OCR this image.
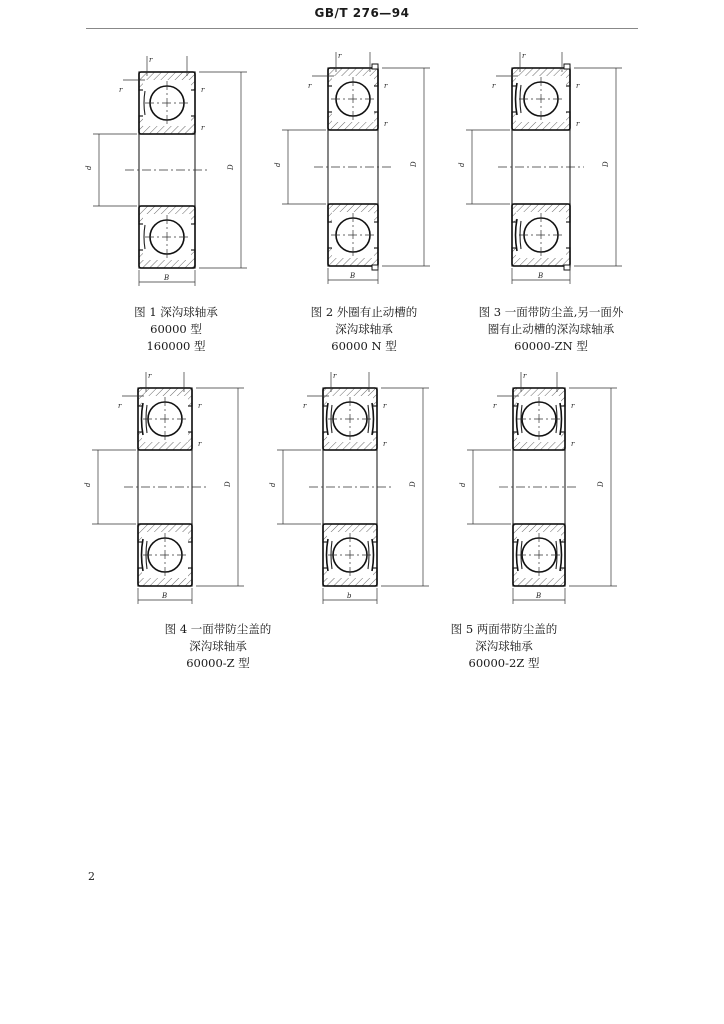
GB/T 276—94
D
d
B
r
r	r
r
D
d
B
r
r	r
r
D
d
B
r
r	r
r
D
d
B
r
r	r
r
D
d
b
r
r	r
r
D
d
B
r
r	r
r
图 1 深沟球轴承
60000 型
160000 型
图 2 外圈有止动槽的
深沟球轴承
60000 N 型
图 3 一面带防尘盖,另一面外
圈有止动槽的深沟球轴承
60000-ZN 型
图 4 一面带防尘盖的
深沟球轴承
60000-Z 型
图 5 两面带防尘盖的
深沟球轴承
60000-2Z 型
2
